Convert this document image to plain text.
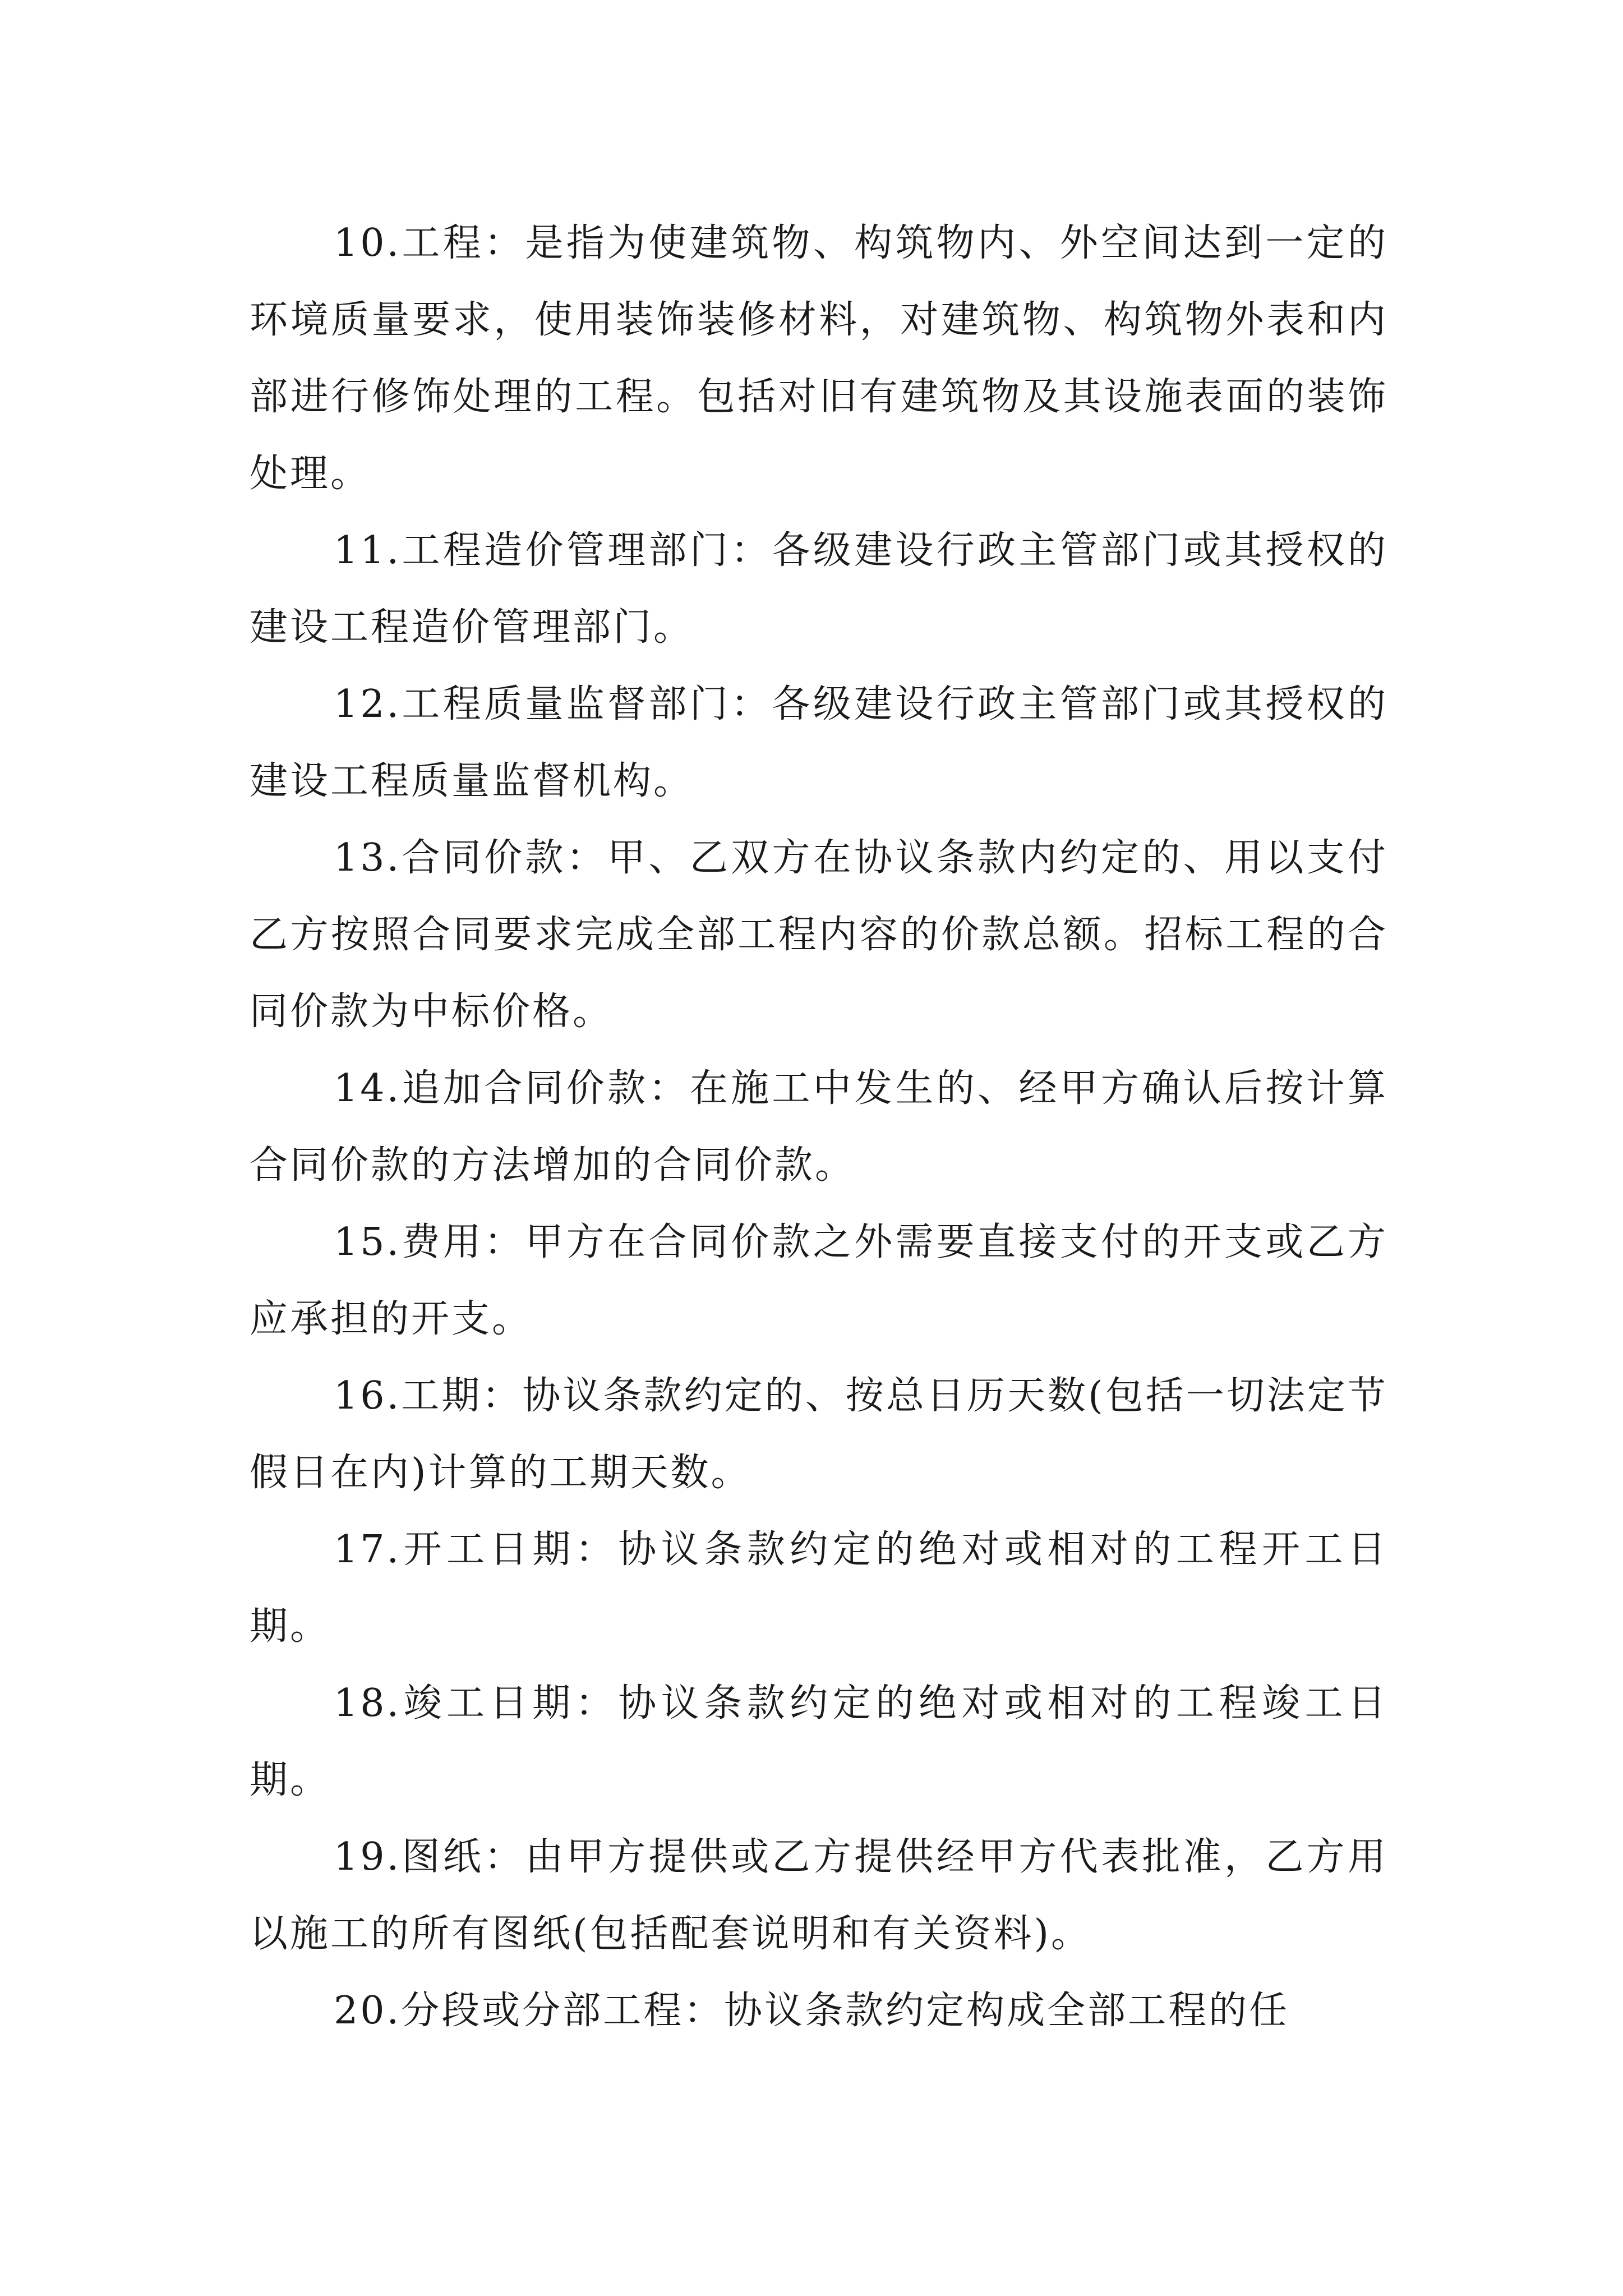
10.工程：是指为使建筑物、构筑物内、外空间达到一定的环境质量要求，使用装饰装修材料，对建筑物、构筑物外表和内部进行修饰处理的工程。包括对旧有建筑物及其设施表面的装饰处理。

11.工程造价管理部门：各级建设行政主管部门或其授权的建设工程造价管理部门。

12.工程质量监督部门：各级建设行政主管部门或其授权的建设工程质量监督机构。

13.合同价款：甲、乙双方在协议条款内约定的、用以支付乙方按照合同要求完成全部工程内容的价款总额。招标工程的合同价款为中标价格。

14.追加合同价款：在施工中发生的、经甲方确认后按计算合同价款的方法增加的合同价款。

15.费用：甲方在合同价款之外需要直接支付的开支或乙方应承担的开支。

16.工期：协议条款约定的、按总日历天数(包括一切法定节假日在内)计算的工期天数。

17.开工日期：协议条款约定的绝对或相对的工程开工日期。

18.竣工日期：协议条款约定的绝对或相对的工程竣工日期。

19.图纸：由甲方提供或乙方提供经甲方代表批准，乙方用以施工的所有图纸(包括配套说明和有关资料)。

20.分段或分部工程：协议条款约定构成全部工程的任
